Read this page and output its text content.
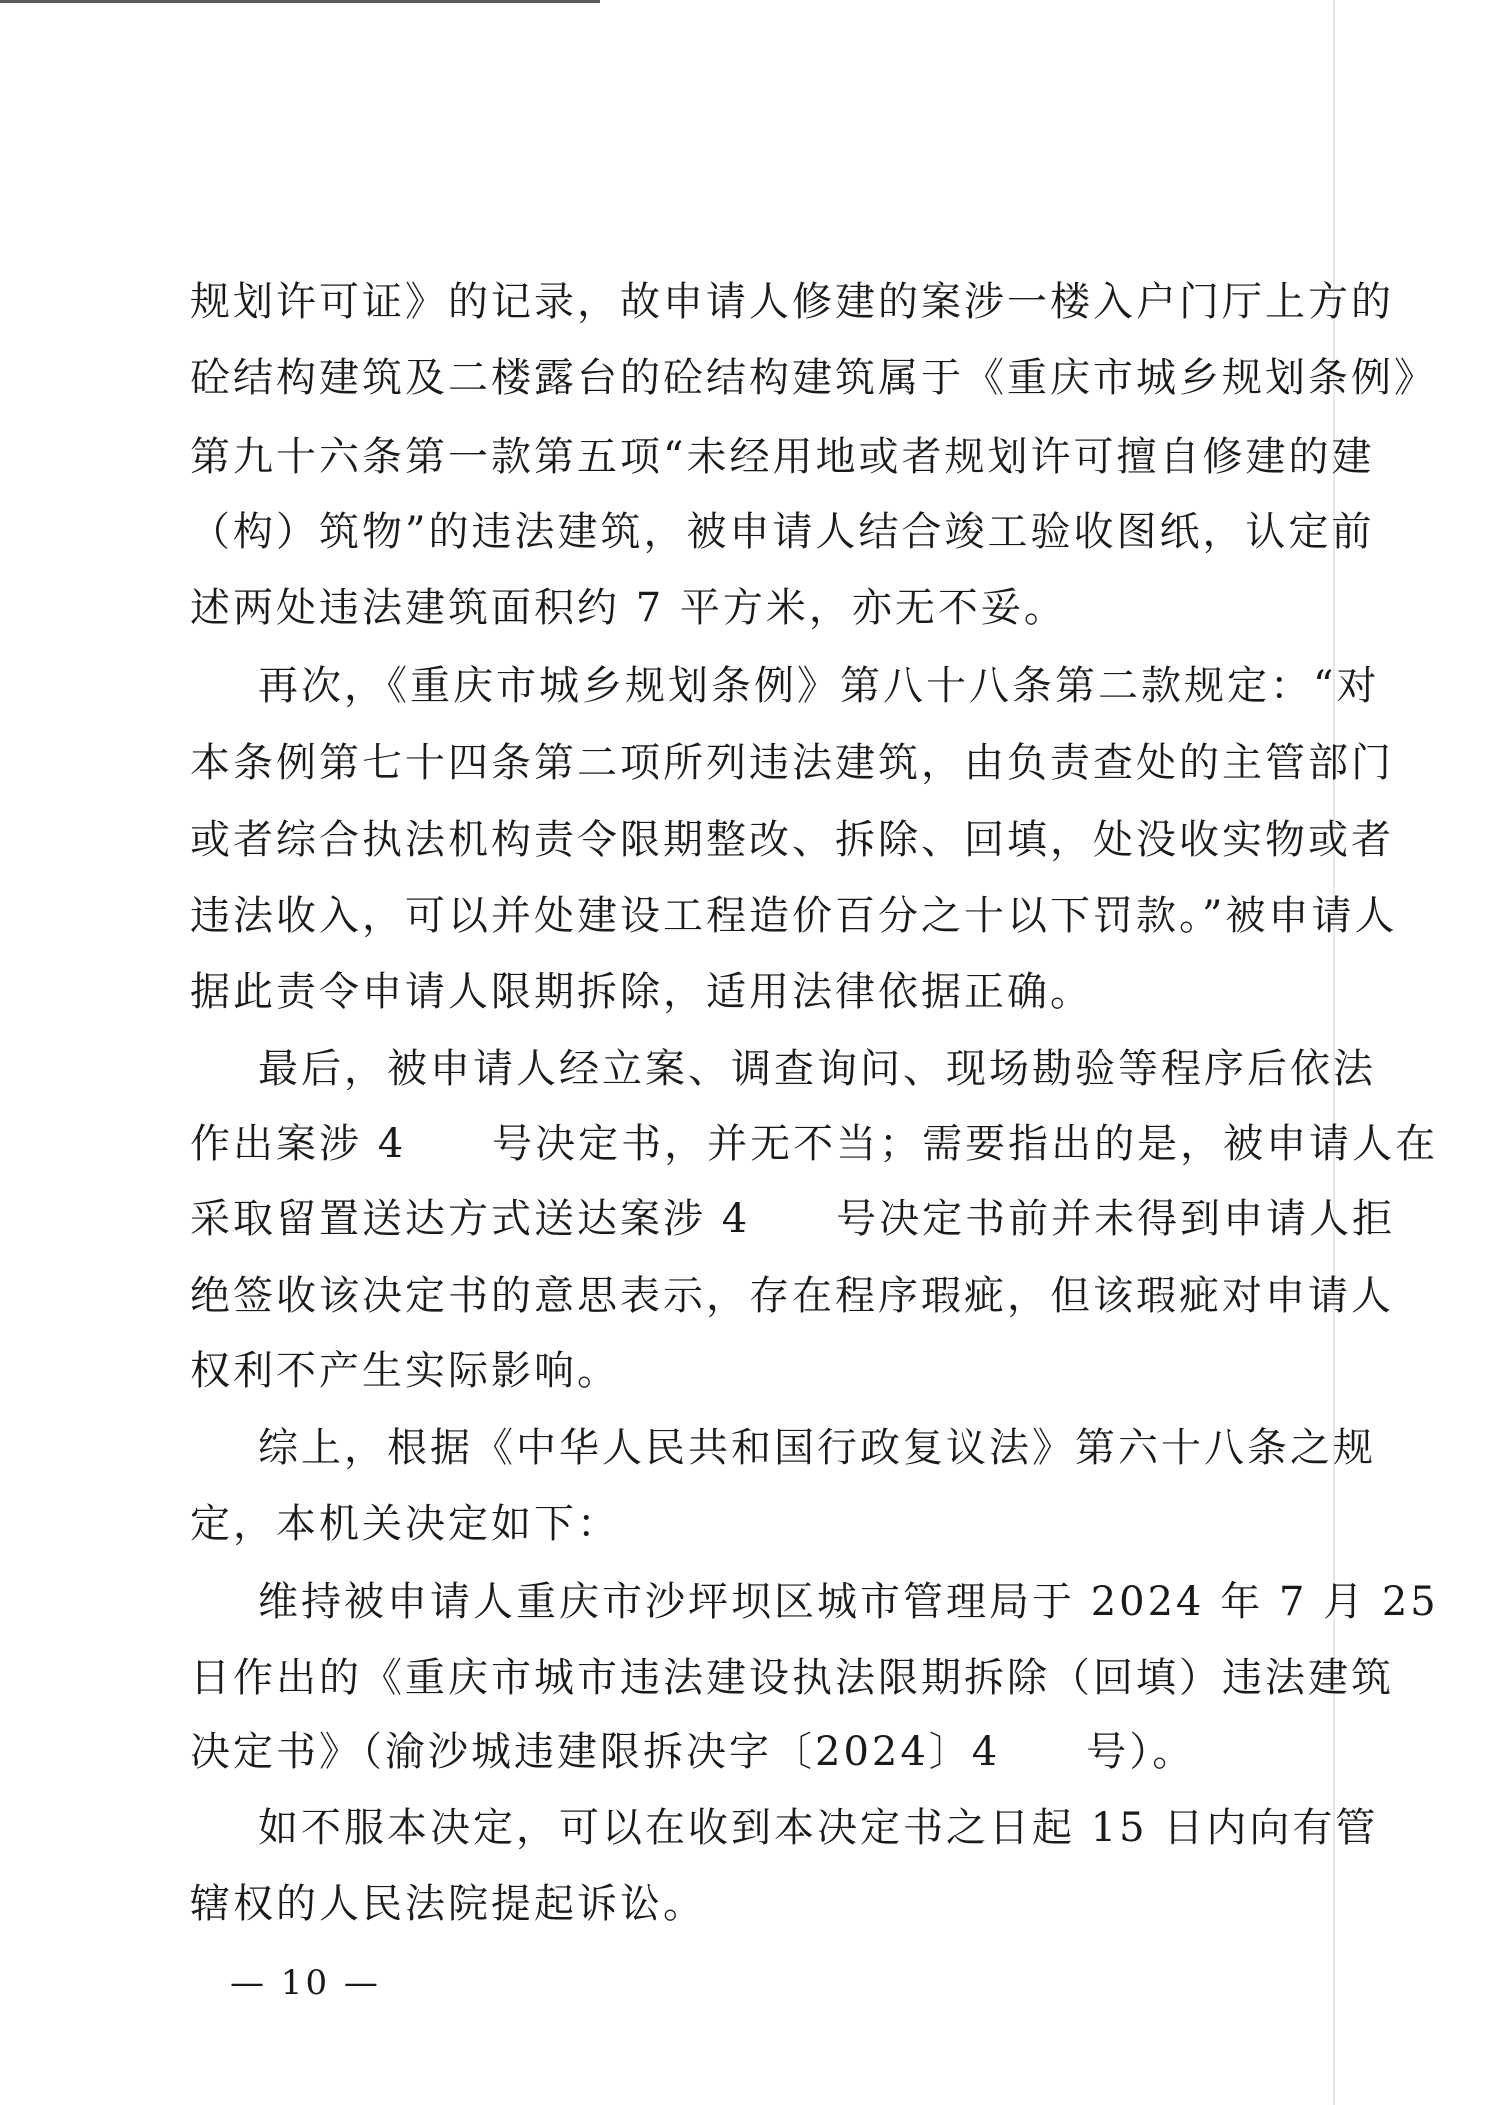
规划许可证》的记录，故申请人修建的案涉一楼入户门厅上方的
砼结构建筑及二楼露台的砼结构建筑属于《重庆市城乡规划条例》
第九十六条第一款第五项“未经用地或者规划许可擅自修建的建
（构）筑物”的违法建筑，被申请人结合竣工验收图纸，认定前
述两处违法建筑面积约 7 平方米，亦无不妥。
再次，《重庆市城乡规划条例》第八十八条第二款规定：“对
本条例第七十四条第二项所列违法建筑，由负责查处的主管部门
或者综合执法机构责令限期整改、拆除、回填，处没收实物或者
违法收入，可以并处建设工程造价百分之十以下罚款。”被申请人
据此责令申请人限期拆除，适用法律依据正确。
最后，被申请人经立案、调查询问、现场勘验等程序后依法
作出案涉 4　　号决定书，并无不当；需要指出的是，被申请人在
采取留置送达方式送达案涉 4　　号决定书前并未得到申请人拒
绝签收该决定书的意思表示，存在程序瑕疵，但该瑕疵对申请人
权利不产生实际影响。
综上，根据《中华人民共和国行政复议法》第六十八条之规
定，本机关决定如下：
维持被申请人重庆市沙坪坝区城市管理局于 2024 年 7 月 25
日作出的《重庆市城市违法建设执法限期拆除（回填）违法建筑
决定书》（渝沙城违建限拆决字〔2024〕4　　号）。
如不服本决定，可以在收到本决定书之日起 15 日内向有管
辖权的人民法院提起诉讼。
— 10 —
